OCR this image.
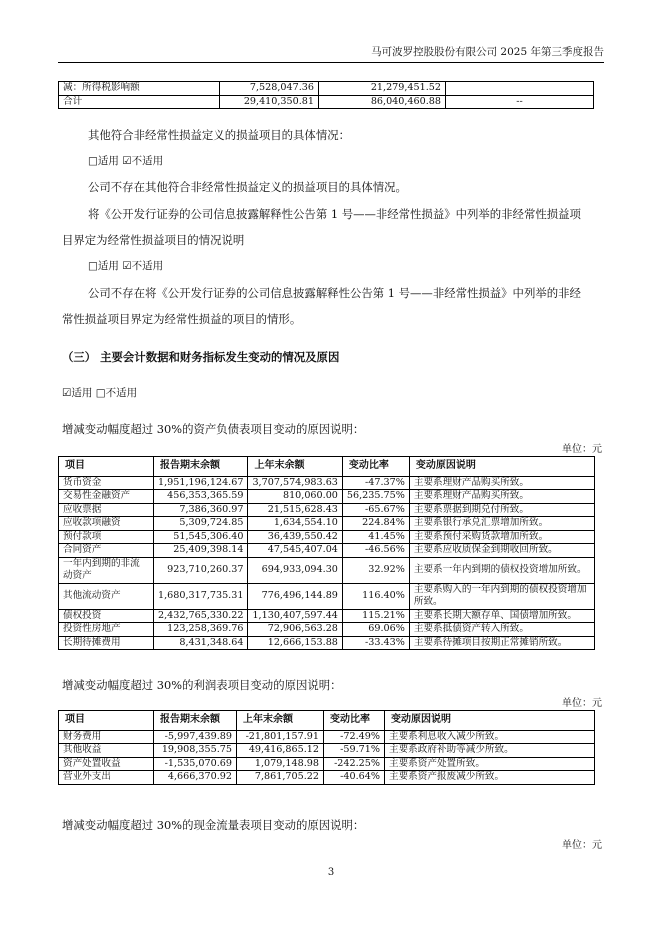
马可波罗控股股份有限公司 2025 年第三季度报告
减：所得税影响额	7,528,047.36	21,279,451.52	
合计	29,410,350.81	86,040,460.88	--
其他符合非经常性损益定义的损益项目的具体情况：
□适用 ☑不适用
公司不存在其他符合非经常性损益定义的损益项目的具体情况。
将《公开发行证券的公司信息披露解释性公告第 1 号——非经常性损益》中列举的非经常性损益项
目界定为经常性损益项目的情况说明
□适用 ☑不适用
公司不存在将《公开发行证券的公司信息披露解释性公告第 1 号——非经常性损益》中列举的非经
常性损益项目界定为经常性损益的项目的情形。
（三） 主要会计数据和财务指标发生变动的情况及原因
☑适用 □不适用
增减变动幅度超过 30%的资产负债表项目变动的原因说明：
单位：元
项目	报告期末余额	上年末余额	变动比率	变动原因说明
货币资金	1,951,196,124.67	3,707,574,983.63	-47.37%	主要系理财产品购买所致。
交易性金融资产	456,353,365.59	810,060.00	56,235.75%	主要系理财产品购买所致。
应收票据	7,386,360.97	21,515,628.43	-65.67%	主要系票据到期兑付所致。
应收款项融资	5,309,724.85	1,634,554.10	224.84%	主要系银行承兑汇票增加所致。
预付款项	51,545,306.40	36,439,550.42	41.45%	主要系预付采购货款增加所致。
合同资产	25,409,398.14	47,545,407.04	-46.56%	主要系应收质保金到期收回所致。
一年内到期的非流动资产	923,710,260.37	694,933,094.30	32.92%	主要系一年内到期的债权投资增加所致。
其他流动资产	1,680,317,735.31	776,496,144.89	116.40%	主要系购入的一年内到期的债权投资增加所致。
债权投资	2,432,765,330.22	1,130,407,597.44	115.21%	主要系长期大额存单、国债增加所致。
投资性房地产	123,258,369.76	72,906,563.28	69.06%	主要系抵债资产转入所致。
长期待摊费用	8,431,348.64	12,666,153.88	-33.43%	主要系待摊项目按期正常摊销所致。
增减变动幅度超过 30%的利润表项目变动的原因说明：
单位：元
项目	报告期末余额	上年末余额	变动比率	变动原因说明
财务费用	-5,997,439.89	-21,801,157.91	-72.49%	主要系利息收入减少所致。
其他收益	19,908,355.75	49,416,865.12	-59.71%	主要系政府补助等减少所致。
资产处置收益	-1,535,070.69	1,079,148.98	-242.25%	主要系资产处置所致。
营业外支出	4,666,370.92	7,861,705.22	-40.64%	主要系资产报废减少所致。
增减变动幅度超过 30%的现金流量表项目变动的原因说明：
单位：元
3
